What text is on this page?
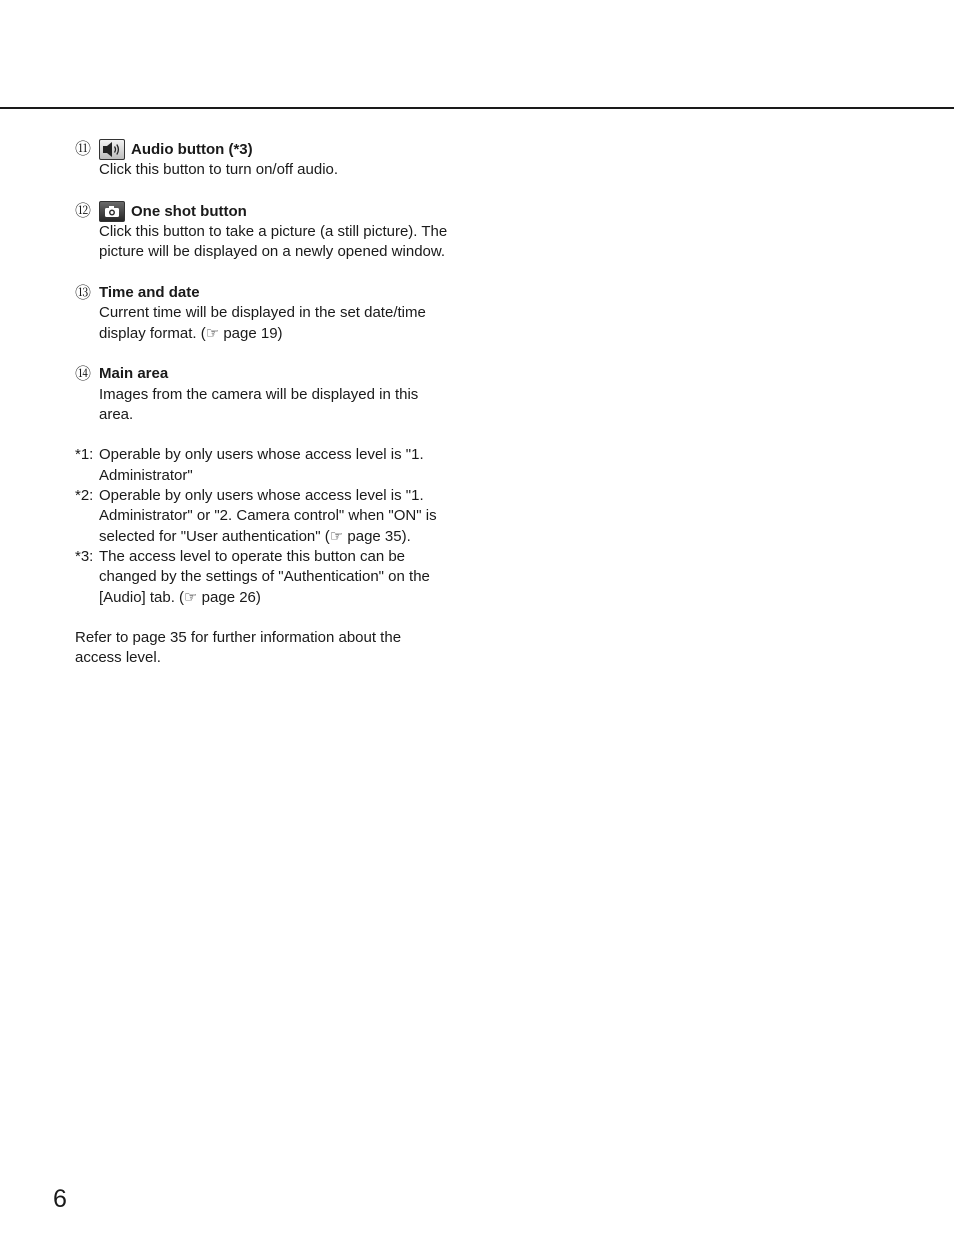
⑪	Audio button (*3)
Click this button to turn on/off audio.
⑫	One shot button
Click this button to take a picture (a still picture). The
picture will be displayed on a newly opened window.
⑬ Time and date
Current time will be displayed in the set date/time
display format. (☞ page 19)
⑭ Main area
Images from the camera will be displayed in this
area.
*1: Operable by only users whose access level is "1.
Administrator"
*2: Operable by only users whose access level is "1.
Administrator" or "2. Camera control" when "ON" is
selected for "User authentication" (☞ page 35).
*3: The access level to operate this button can be
changed by the settings of "Authentication" on the
[Audio] tab. (☞ page 26)
Refer to page 35 for further information about the
access level.
6
